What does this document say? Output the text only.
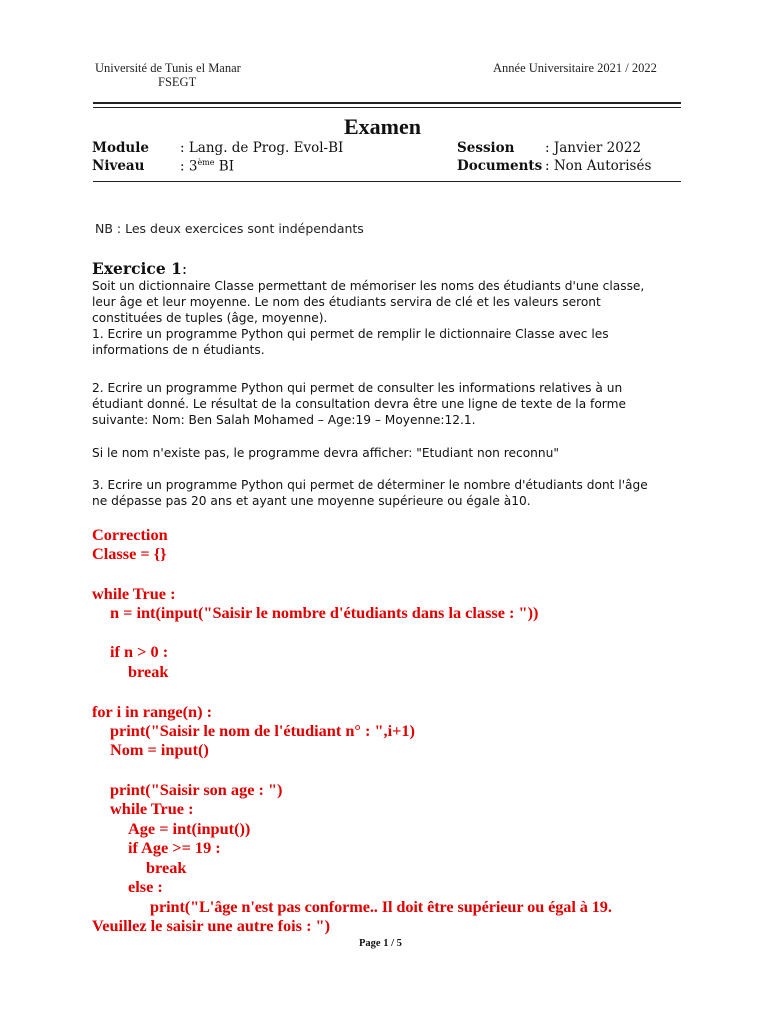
Université de Tunis el Manar
FSEGT
Année Universitaire 2021 / 2022
Examen
Module : Lang. de Prog. Evol-BI
Niveau	: 3ème BI
Session : Janvier 2022
Documents : Non Autorisés
NB : Les deux exercices sont indépendants
Exercice 1:
Soit un dictionnaire Classe permettant de mémoriser les noms des étudiants d'une classe,
leur âge et leur moyenne. Le nom des étudiants servira de clé et les valeurs seront
constituées de tuples (âge, moyenne).
1. Ecrire un programme Python qui permet de remplir le dictionnaire Classe avec les
informations de n étudiants.
2. Ecrire un programme Python qui permet de consulter les informations relatives à un
étudiant donné. Le résultat de la consultation devra être une ligne de texte de la forme
suivante: Nom: Ben Salah Mohamed – Age:19 – Moyenne:12.1.
Si le nom n'existe pas, le programme devra afficher: "Etudiant non reconnu"
3. Ecrire un programme Python qui permet de déterminer le nombre d'étudiants dont l'âge
ne dépasse pas 20 ans et ayant une moyenne supérieure ou égale à10.
Correction
Classe = {}
while True :
n = int(input("Saisir le nombre d'étudiants dans la classe : "))
if n > 0 :
break
for i in range(n) :
print("Saisir le nom de l'étudiant n° : ",i+1)
Nom = input()
print("Saisir son age : ")
while True :
Age = int(input())
if Age >= 19 :
break
else :
print("L'âge n'est pas conforme.. Il doit être supérieur ou égal à 19.
Veuillez le saisir une autre fois : ")
Page 1 / 5
